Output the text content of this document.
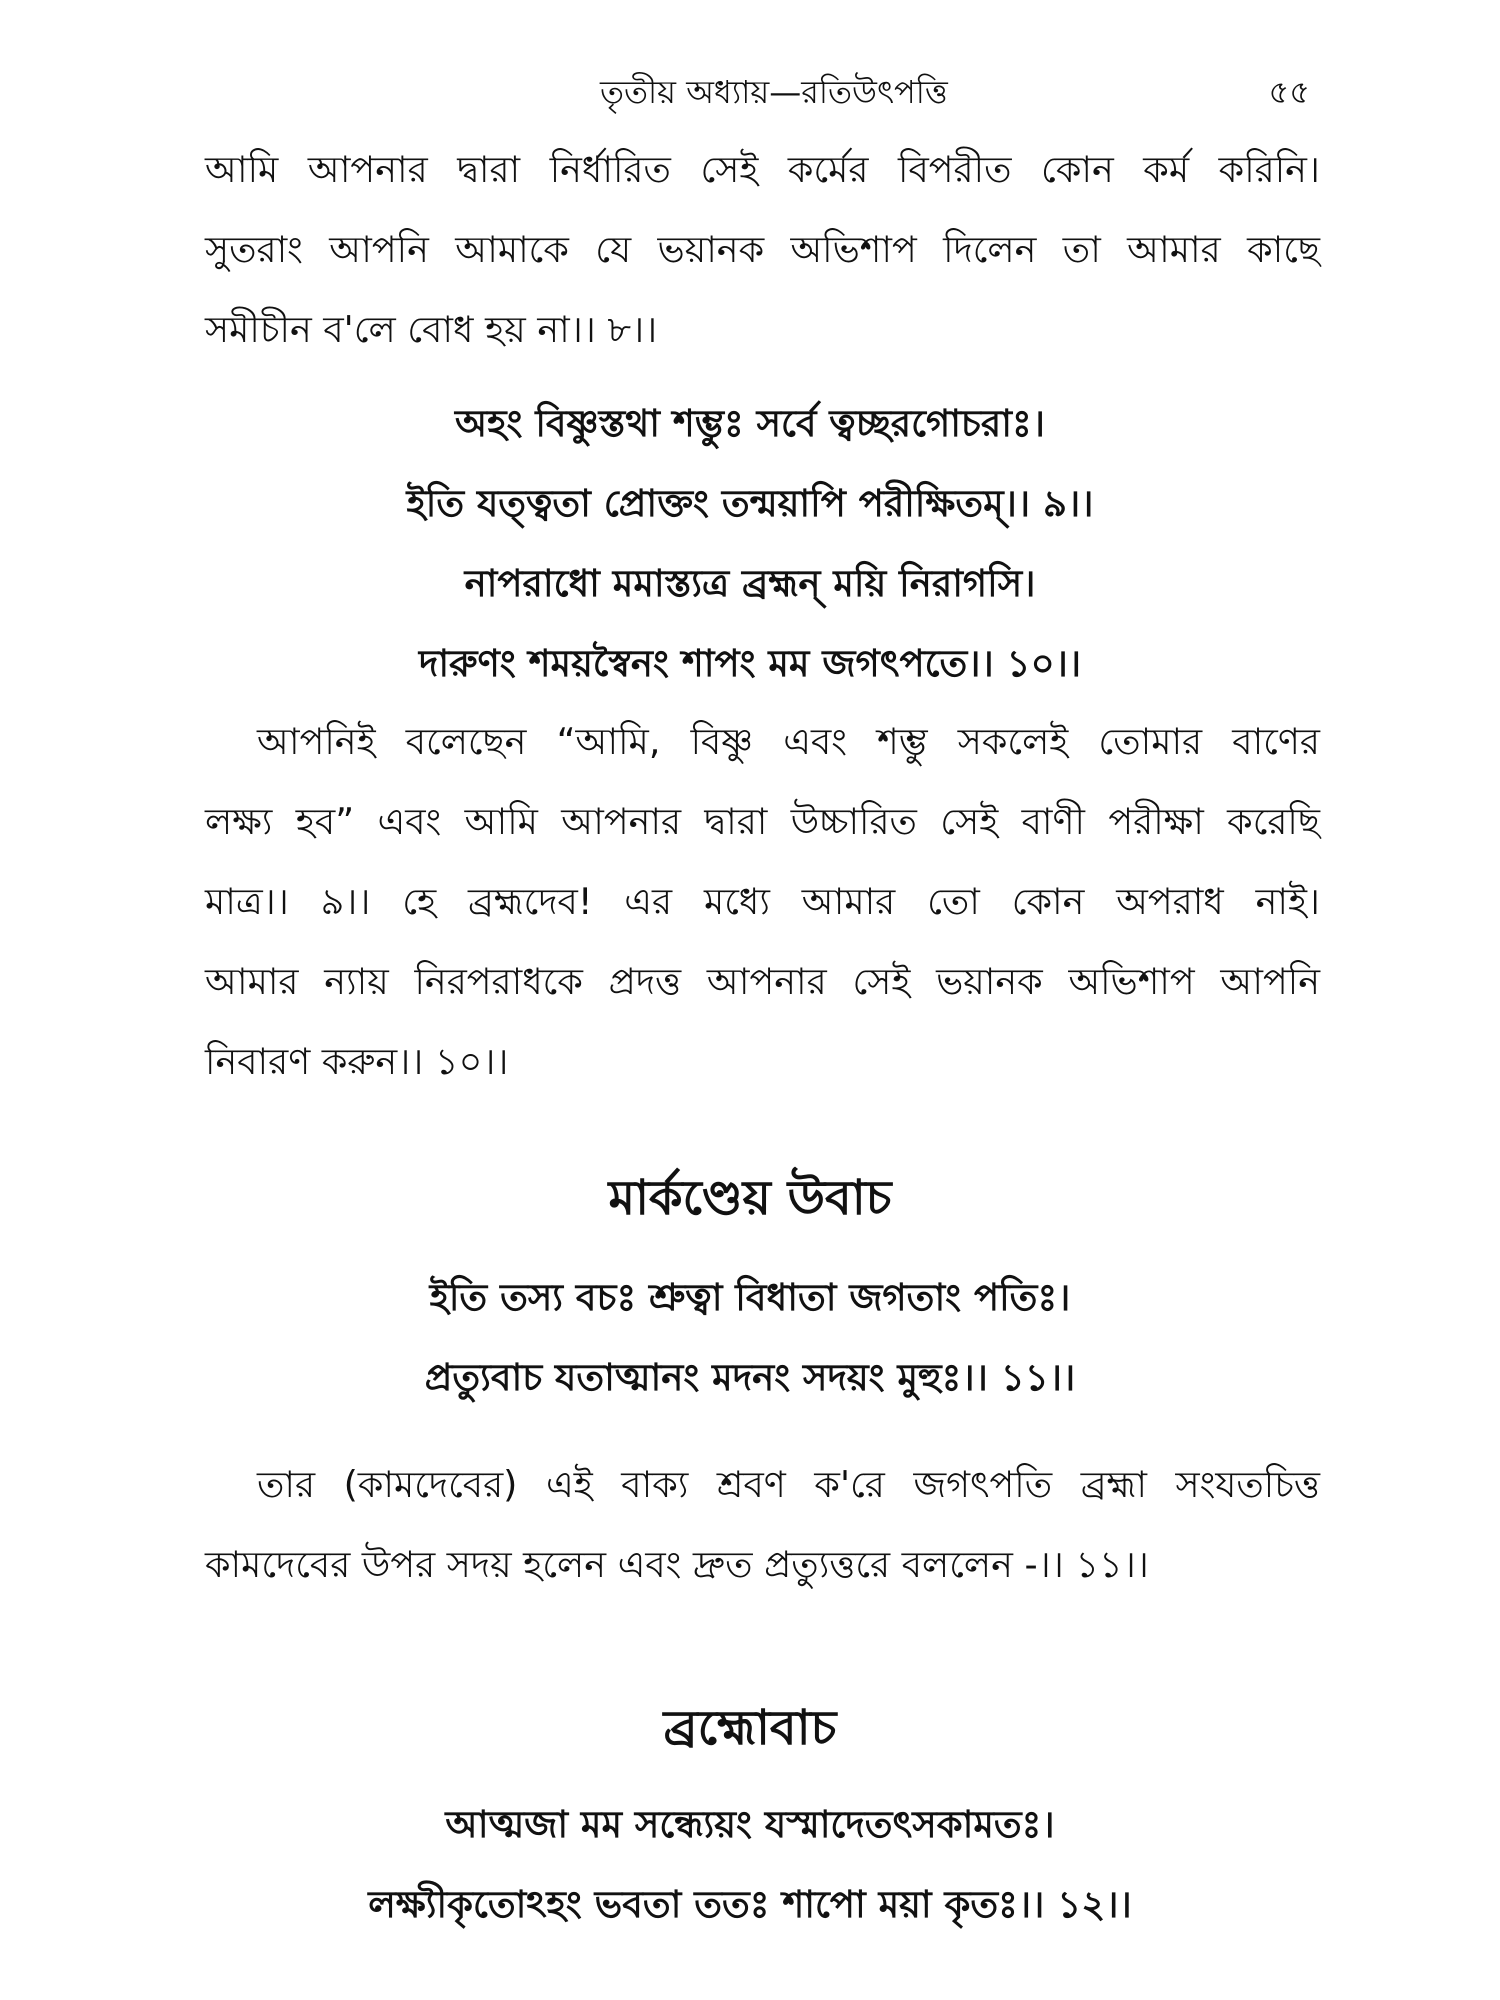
তৃতীয় অধ্যায়—রতিউৎপত্তি	৫৫
আমি আপনার দ্বারা নির্ধারিত সেই কর্মের বিপরীত কোন কর্ম করিনি।
সুতরাং আপনি আমাকে যে ভয়ানক অভিশাপ দিলেন তা আমার কাছে
সমীচীন ব'লে বোধ হয় না।। ৮।।
অহং বিষ্ণুস্তথা শম্ভুঃ সর্বে ত্বচ্ছরগোচরাঃ।
ইতি যত্ত্বতা প্রোক্তং তন্ময়াপি পরীক্ষিতম্।। ৯।।
নাপরাধো মমাস্ত্যত্র ব্রহ্মন্ ময়ি নিরাগসি।
দারুণং শময়স্বৈনং শাপং মম জগৎপতে।। ১০।।
আপনিই বলেছেন “আমি, বিষ্ণু এবং শম্ভু সকলেই তোমার বাণের
লক্ষ্য হব” এবং আমি আপনার দ্বারা উচ্চারিত সেই বাণী পরীক্ষা করেছি
মাত্র।। ৯।। হে ব্রহ্মদেব! এর মধ্যে আমার তো কোন অপরাধ নাই।
আমার ন্যায় নিরপরাধকে প্রদত্ত আপনার সেই ভয়ানক অভিশাপ আপনি
নিবারণ করুন।। ১০।।
মার্কণ্ডেয় উবাচ
ইতি তস্য বচঃ শ্রুত্বা বিধাতা জগতাং পতিঃ।
প্রত্যুবাচ যতাত্মানং মদনং সদয়ং মুহুঃ।। ১১।।
তার (কামদেবের) এই বাক্য শ্রবণ ক'রে জগৎপতি ব্রহ্মা সংযতচিত্ত
কামদেবের উপর সদয় হলেন এবং দ্রুত প্রত্যুত্তরে বললেন -।। ১১।।
ব্রহ্মোবাচ
আত্মজা মম সন্ধ্যেয়ং যস্মাদেতৎসকামতঃ।
লক্ষ্যীকৃতোঽহং ভবতা ততঃ শাপো ময়া কৃতঃ।। ১২।।
